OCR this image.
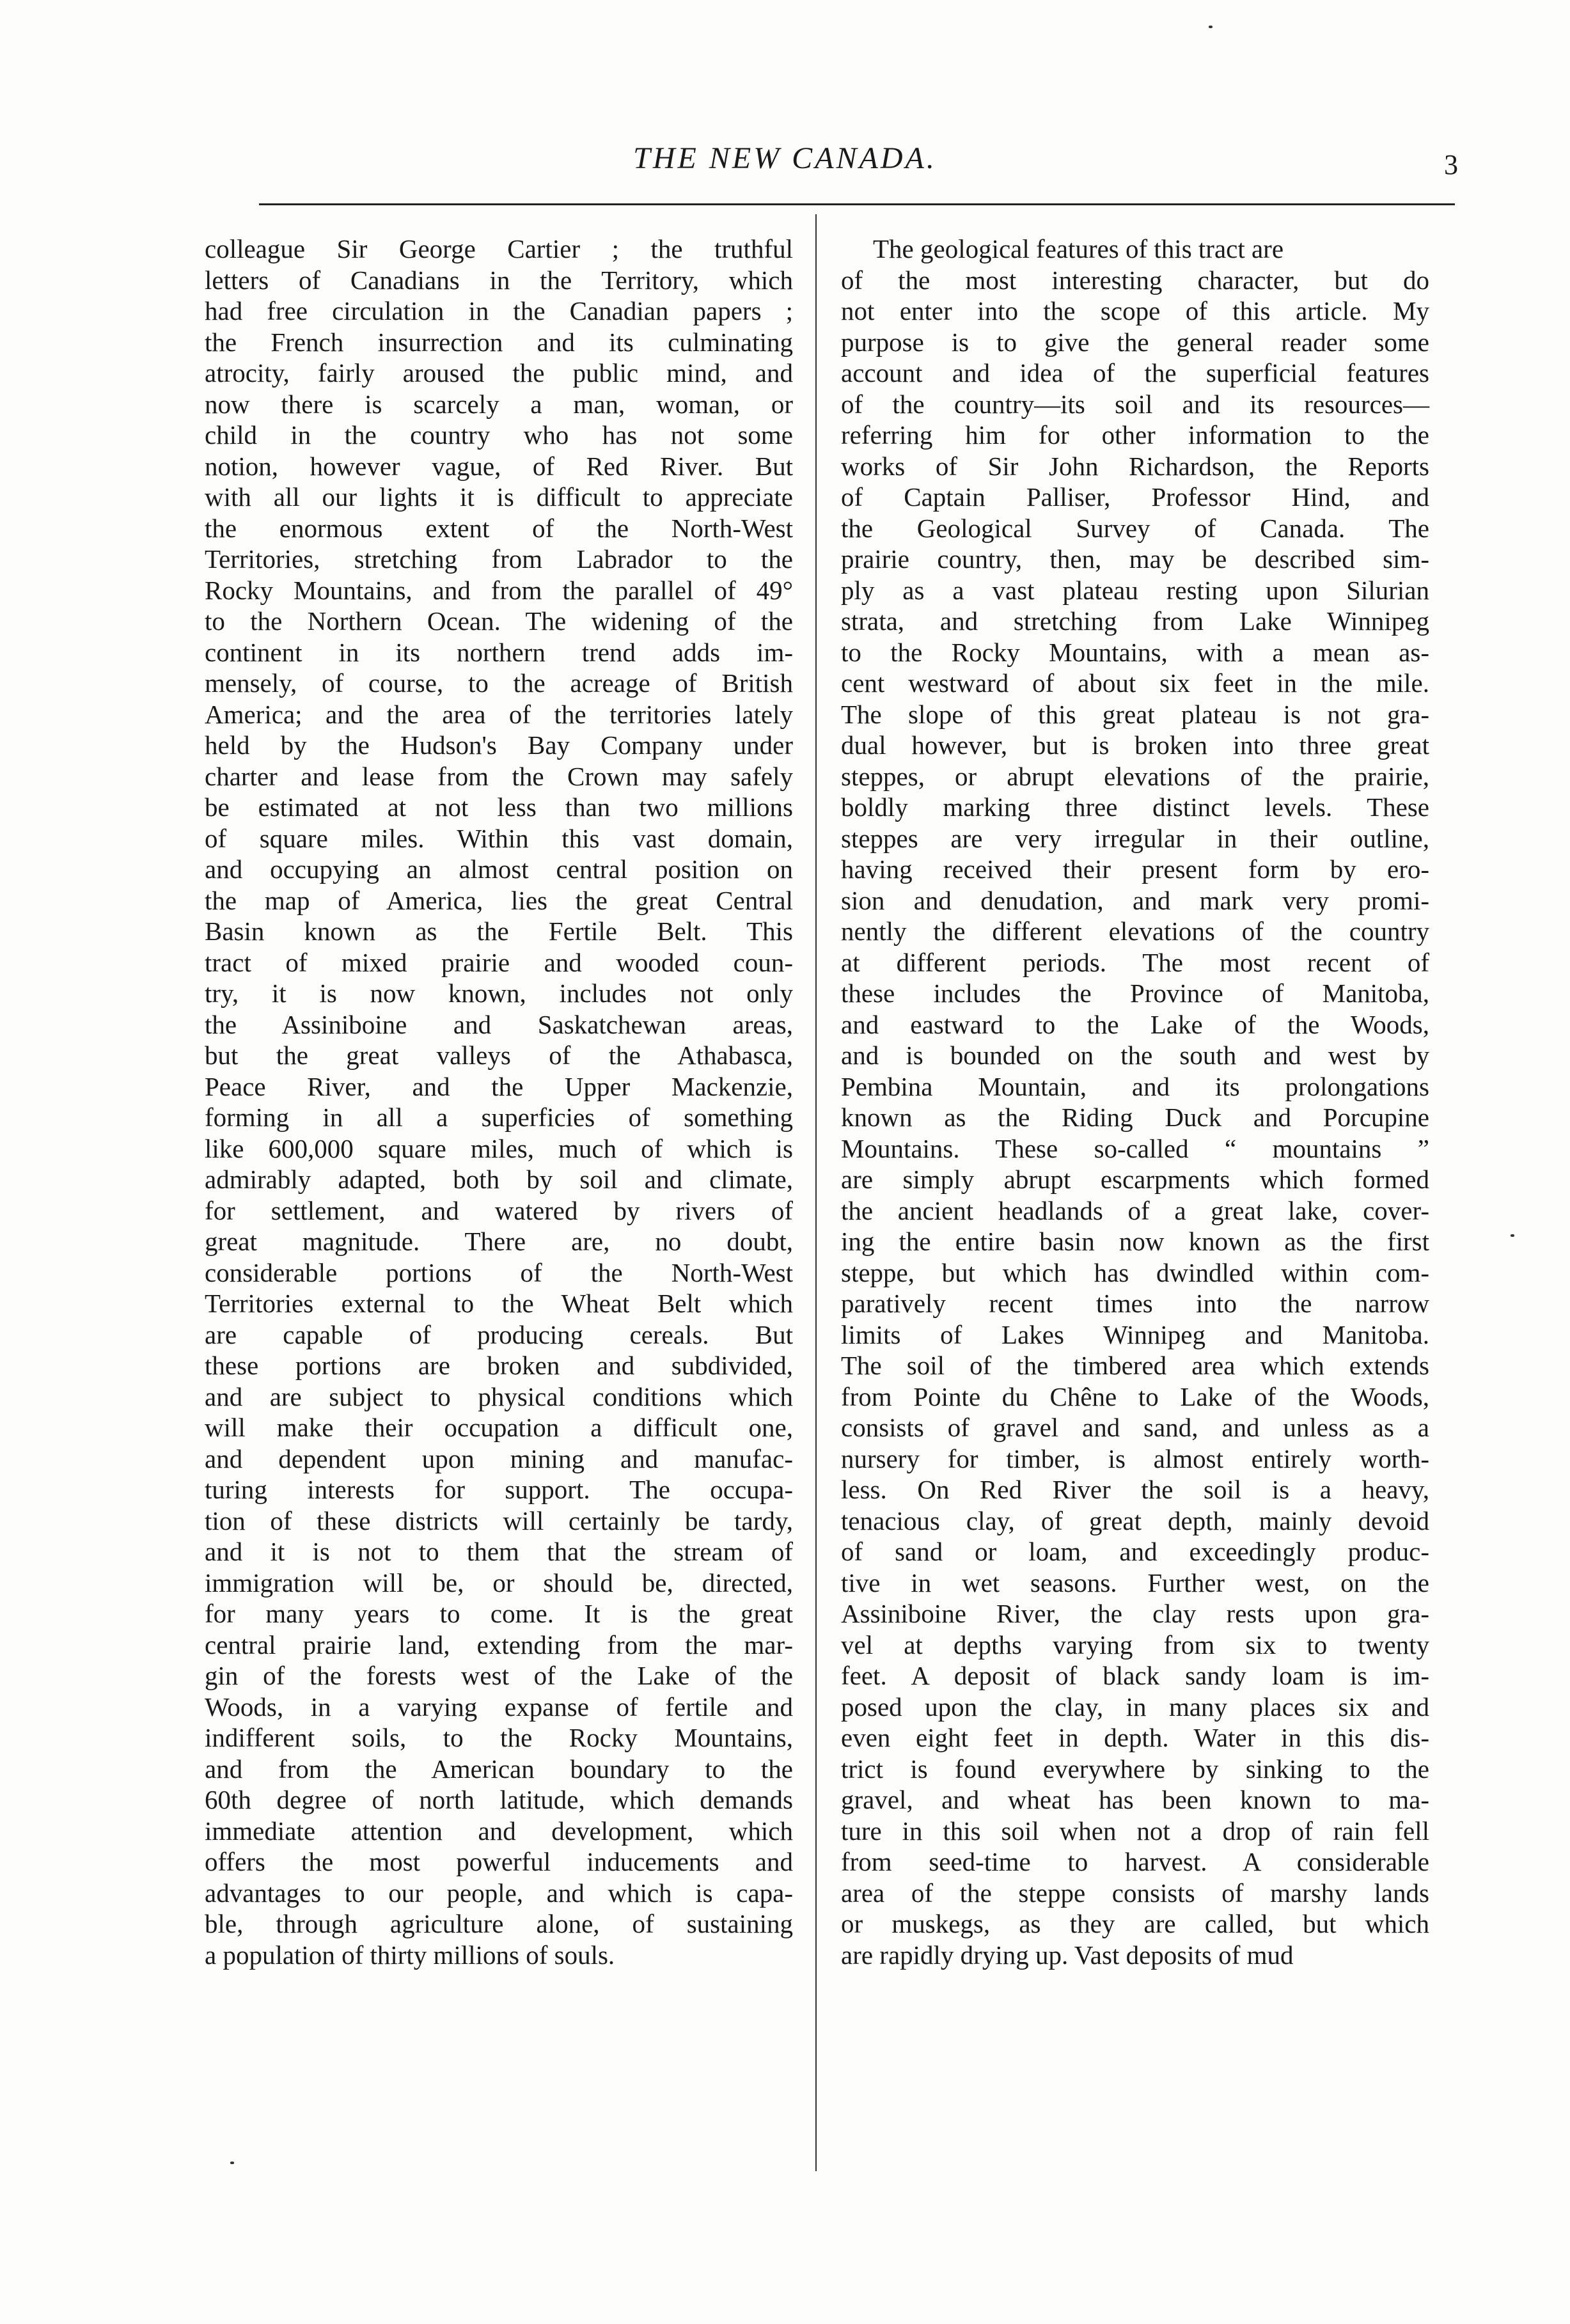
THE NEW CANADA.	3
colleague Sir George Cartier ; the truthful
letters of Canadians in the Territory, which
had free circulation in the Canadian papers ;
the French insurrection and its culminating
atrocity, fairly aroused the public mind, and
now there is scarcely a man, woman, or
child in the country who has not some
notion, however vague, of Red River. But
with all our lights it is difficult to appreciate
the enormous extent of the North-West
Territories, stretching from Labrador to the
Rocky Mountains, and from the parallel of 49°
to the Northern Ocean. The widening of the
continent in its northern trend adds im-
mensely, of course, to the acreage of British
America; and the area of the territories lately
held by the Hudson's Bay Company under
charter and lease from the Crown may safely
be estimated at not less than two millions
of square miles. Within this vast domain,
and occupying an almost central position on
the map of America, lies the great Central
Basin known as the Fertile Belt. This
tract of mixed prairie and wooded coun-
try, it is now known, includes not only
the Assiniboine and Saskatchewan areas,
but the great valleys of the Athabasca,
Peace River, and the Upper Mackenzie,
forming in all a superficies of something
like 600,000 square miles, much of which is
admirably adapted, both by soil and climate,
for settlement, and watered by rivers of
great magnitude. There are, no doubt,
considerable portions of the North-West
Territories external to the Wheat Belt which
are capable of producing cereals. But
these portions are broken and subdivided,
and are subject to physical conditions which
will make their occupation a difficult one,
and dependent upon mining and manufac-
turing interests for support. The occupa-
tion of these districts will certainly be tardy,
and it is not to them that the stream of
immigration will be, or should be, directed,
for many years to come. It is the great
central prairie land, extending from the mar-
gin of the forests west of the Lake of the
Woods, in a varying expanse of fertile and
indifferent soils, to the Rocky Mountains,
and from the American boundary to the
60th degree of north latitude, which demands
immediate attention and development, which
offers the most powerful inducements and
advantages to our people, and which is capa-
ble, through agriculture alone, of sustaining
a population of thirty millions of souls.
The geological features of this tract are
of the most interesting character, but do
not enter into the scope of this article. My
purpose is to give the general reader some
account and idea of the superficial features
of the country—its soil and its resources—
referring him for other information to the
works of Sir John Richardson, the Reports
of Captain Palliser, Professor Hind, and
the Geological Survey of Canada. The
prairie country, then, may be described sim-
ply as a vast plateau resting upon Silurian
strata, and stretching from Lake Winnipeg
to the Rocky Mountains, with a mean as-
cent westward of about six feet in the mile.
The slope of this great plateau is not gra-
dual however, but is broken into three great
steppes, or abrupt elevations of the prairie,
boldly marking three distinct levels. These
steppes are very irregular in their outline,
having received their present form by ero-
sion and denudation, and mark very promi-
nently the different elevations of the country
at different periods. The most recent of
these includes the Province of Manitoba,
and eastward to the Lake of the Woods,
and is bounded on the south and west by
Pembina Mountain, and its prolongations
known as the Riding Duck and Porcupine
Mountains. These so-called “ mountains ”
are simply abrupt escarpments which formed
the ancient headlands of a great lake, cover-
ing the entire basin now known as the first
steppe, but which has dwindled within com-
paratively recent times into the narrow
limits of Lakes Winnipeg and Manitoba.
The soil of the timbered area which extends
from Pointe du Chêne to Lake of the Woods,
consists of gravel and sand, and unless as a
nursery for timber, is almost entirely worth-
less. On Red River the soil is a heavy,
tenacious clay, of great depth, mainly devoid
of sand or loam, and exceedingly produc-
tive in wet seasons. Further west, on the
Assiniboine River, the clay rests upon gra-
vel at depths varying from six to twenty
feet. A deposit of black sandy loam is im-
posed upon the clay, in many places six and
even eight feet in depth. Water in this dis-
trict is found everywhere by sinking to the
gravel, and wheat has been known to ma-
ture in this soil when not a drop of rain fell
from seed-time to harvest. A considerable
area of the steppe consists of marshy lands
or muskegs, as they are called, but which
are rapidly drying up. Vast deposits of mud
